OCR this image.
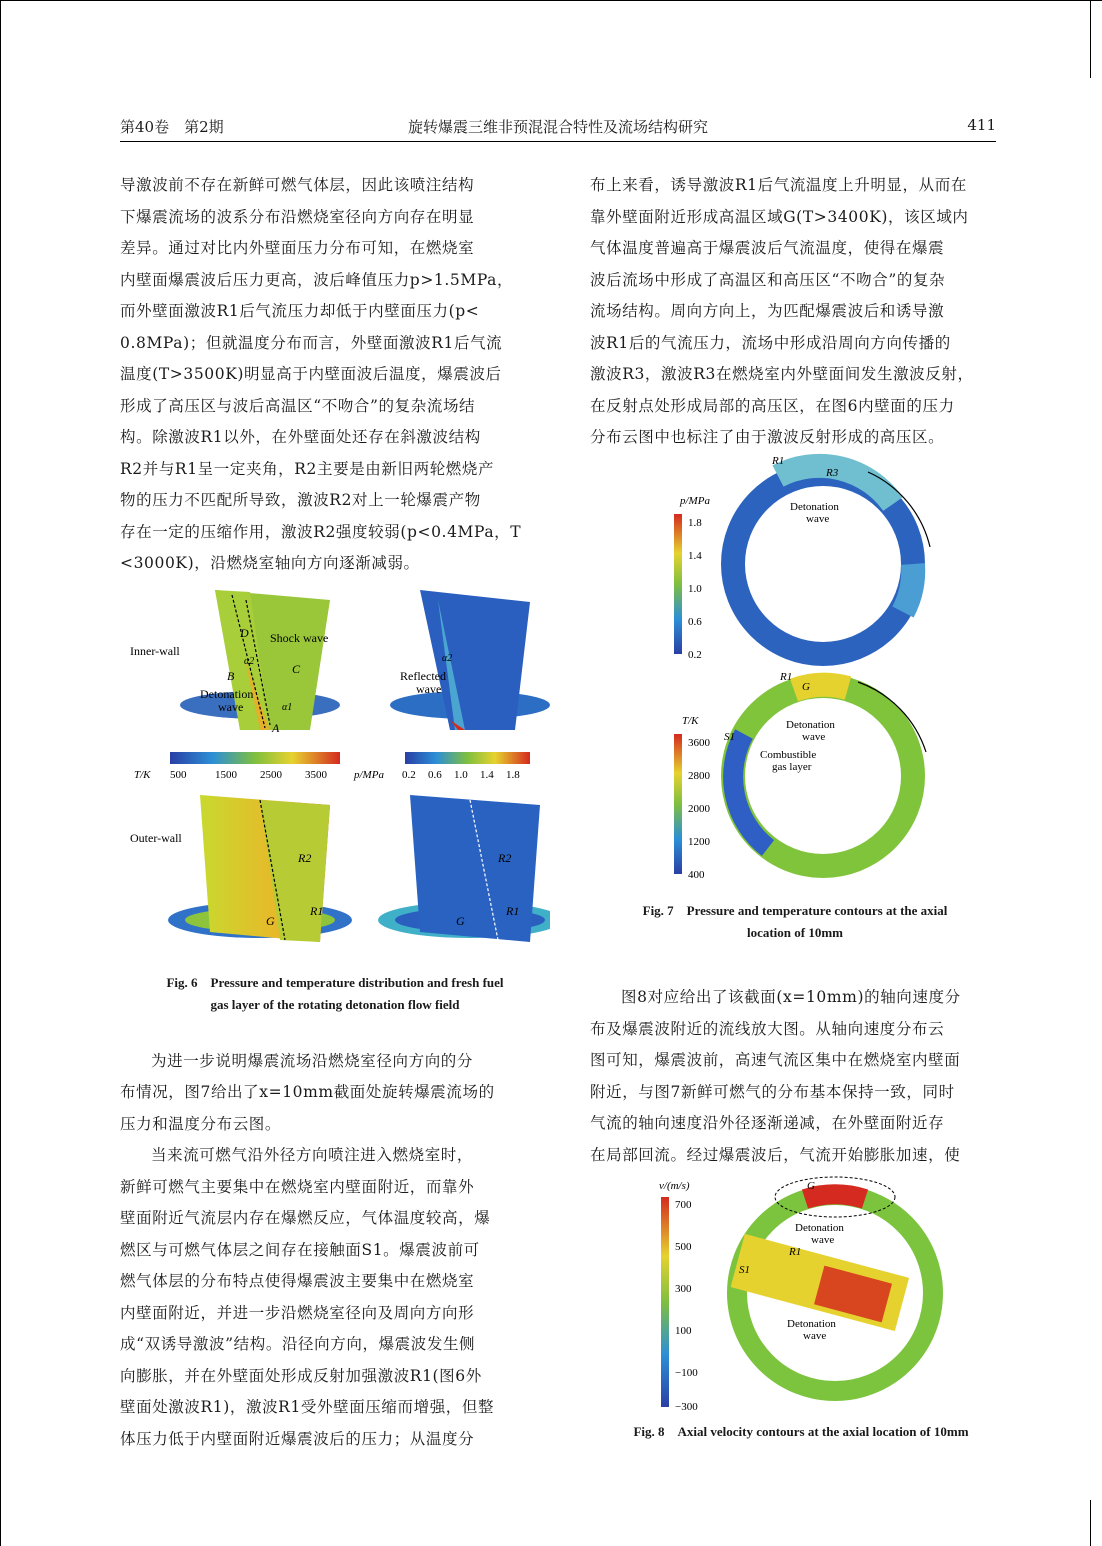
第40卷　第2期	旋转爆震三维非预混混合特性及流场结构研究	411
导激波前不存在新鲜可燃气体层，因此该喷注结构
下爆震流场的波系分布沿燃烧室径向方向存在明显
差异。通过对比内外壁面压力分布可知，在燃烧室
内壁面爆震波后压力更高，波后峰值压力p>1.5MPa，
而外壁面激波R1后气流压力却低于内壁面压力(p<
0.8MPa)；但就温度分布而言，外壁面激波R1后气流
温度(T>3500K)明显高于内壁面波后温度，爆震波后
形成了高压区与波后高温区“不吻合”的复杂流场结
构。除激波R1以外，在外壁面处还存在斜激波结构
R2并与R1呈一定夹角，R2主要是由新旧两轮燃烧产
物的压力不匹配所导致，激波R2对上一轮爆震产物
存在一定的压缩作用，激波R2强度较弱(p<0.4MPa，T
<3000K)，沿燃烧室轴向方向逐渐减弱。
Inner-wall
D Shock wave
C
B
α2
α1
A
Detonation
wave
α2
Reflected
wave
T/K 500	1500 2500 3500 p/MPa 0.2 0.6 1.0 1.4 1.8
Outer-wall
R2
R1
G
R2
R1
G
Fig. 6　Pressure and temperature distribution and fresh fuel
gas layer of the rotating detonation flow field
为进一步说明爆震流场沿燃烧室径向方向的分
布情况，图7给出了x=10mm截面处旋转爆震流场的
压力和温度分布云图。
当来流可燃气沿外径方向喷注进入燃烧室时，
新鲜可燃气主要集中在燃烧室内壁面附近，而靠外
壁面附近气流层内存在爆燃反应，气体温度较高，爆
燃区与可燃气体层之间存在接触面S1。爆震波前可
燃气体层的分布特点使得爆震波主要集中在燃烧室
内壁面附近，并进一步沿燃烧室径向及周向方向形
成“双诱导激波”结构。沿径向方向，爆震波发生侧
向膨胀，并在外壁面处形成反射加强激波R1(图6外
壁面处激波R1)，激波R1受外壁面压缩而增强，但整
体压力低于内壁面附近爆震波后的压力；从温度分
布上来看，诱导激波R1后气流温度上升明显，从而在
靠外壁面附近形成高温区域G(T>3400K)，该区域内
气体温度普遍高于爆震波后气流温度，使得在爆震
波后流场中形成了高温区和高压区“不吻合”的复杂
流场结构。周向方向上，为匹配爆震波后和诱导激
波R1后的气流压力，流场中形成沿周向方向传播的
激波R3，激波R3在燃烧室内外壁面间发生激波反射，
在反射点处形成局部的高压区，在图6内壁面的压力
分布云图中也标注了由于激波反射形成的高压区。
p/MPa
1.8
1.4
1.0
0.6
0.2
R1
R3
Detonation
wave
T/K
3600
2800
2000
1200
400
R1
G
S1
Detonation
wave
Combustible
gas layer
Fig. 7　Pressure and temperature contours at the axial
location of 10mm
图8对应给出了该截面(x=10mm)的轴向速度分
布及爆震波附近的流线放大图。从轴向速度分布云
图可知，爆震波前，高速气流区集中在燃烧室内壁面
附近，与图7新鲜可燃气的分布基本保持一致，同时
气流的轴向速度沿外径逐渐递减，在外壁面附近存
在局部回流。经过爆震波后，气流开始膨胀加速，使
v/(m/s)
700
500
300
100
−100
−300
G
Detonation
wave
R1
S1
Detonation
wave
Fig. 8　Axial velocity contours at the axial location of 10mm
